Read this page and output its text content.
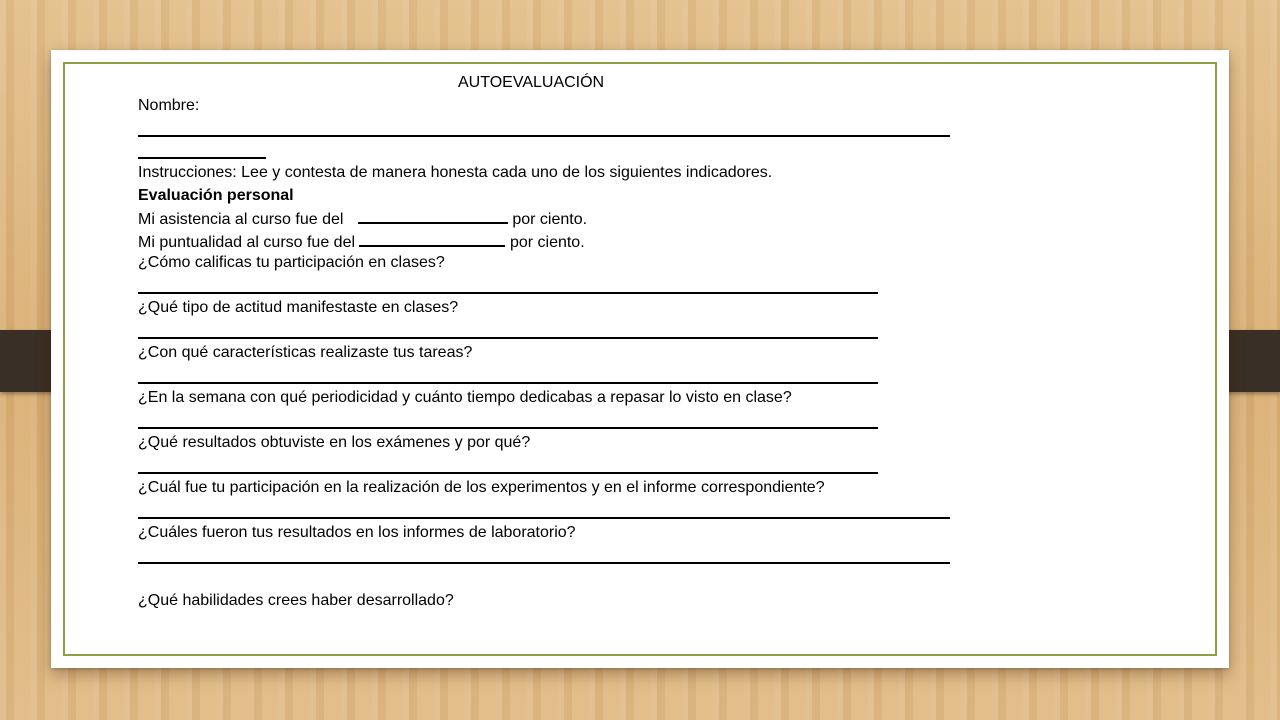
AUTOEVALUACIÓN
Nombre:
Instrucciones: Lee y contesta de manera honesta cada uno de los siguientes indicadores.
Evaluación personal
Mi asistencia al curso fue del	por ciento.
Mi puntualidad al curso fue del	por ciento.
¿Cómo calificas tu participación en clases?
¿Qué tipo de actitud manifestaste en clases?
¿Con qué características realizaste tus tareas?
¿En la semana con qué periodicidad y cuánto tiempo dedicabas a repasar lo visto en clase?
¿Qué resultados obtuviste en los exámenes y por qué?
¿Cuál fue tu participación en la realización de los experimentos y en el informe correspondiente?
¿Cuáles fueron tus resultados en los informes de laboratorio?
¿Qué habilidades crees haber desarrollado?
